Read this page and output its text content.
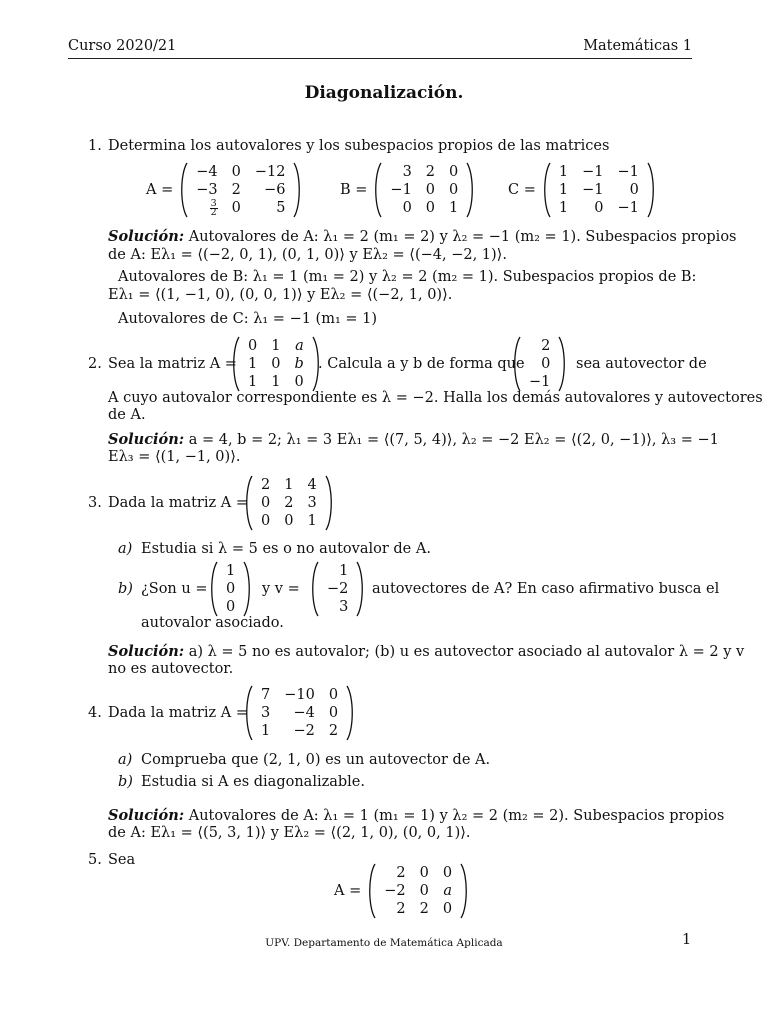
Curso 2020/21	Matemáticas 1
Diagonalización.
1. Determina los autovalores y los subespacios propios de las matrices
A =
−4	0	−12
−3	2	−6

$\frac{3}{2}$	0	5
B =
3	2	0
−1	0	0
0	0	1
C =
1	−1	−1
1	−1	0
1	0	−1
Solución: Autovalores de A: λ₁ = 2 (m₁ = 2) y λ₂ = −1 (m₂ = 1). Subespacios propios
de A: Eλ₁ = ⟨(−2, 0, 1), (0, 1, 0)⟩ y Eλ₂ = ⟨(−4, −2, 1)⟩.
Autovalores de B: λ₁ = 1 (m₁ = 2) y λ₂ = 2 (m₂ = 1). Subespacios propios de B:
Eλ₁ = ⟨(1, −1, 0), (0, 0, 1)⟩ y Eλ₂ = ⟨(−2, 1, 0)⟩.
Autovalores de C: λ₁ = −1 (m₁ = 1)
2. Sea la matriz A =
0	1	a
1	0	b
1	1	0
. Calcula a y b de forma que
2
0
−1
sea autovector de
A cuyo autovalor correspondiente es λ = −2. Halla los demás autovalores y autovectores
de A.
Solución: a = 4, b = 2; λ₁ = 3 Eλ₁ = ⟨(7, 5, 4)⟩, λ₂ = −2 Eλ₂ = ⟨(2, 0, −1)⟩, λ₃ = −1
Eλ₃ = ⟨(1, −1, 0)⟩.
3. Dada la matriz A =
2	1	4
0	2	3
0	0	1
a) Estudia si λ = 5 es o no autovalor de A.
b) ¿Son u =
1
0
0
y v =
1
−2
3
autovectores de A? En caso afirmativo busca el
autovalor asociado.
Solución: a) λ = 5 no es autovalor; (b) u es autovector asociado al autovalor λ = 2 y v
no es autovector.
4. Dada la matriz A =
7	−10	0
3	−4	0
1	−2	2
a) Comprueba que (2, 1, 0) es un autovector de A.
b) Estudia si A es diagonalizable.
Solución: Autovalores de A: λ₁ = 1 (m₁ = 1) y λ₂ = 2 (m₂ = 2). Subespacios propios
de A: Eλ₁ = ⟨(5, 3, 1)⟩ y Eλ₂ = ⟨(2, 1, 0), (0, 0, 1)⟩.
5. Sea
A =
2	0	0
−2	0	a
2	2	0
UPV. Departamento de Matemática Aplicada	1
